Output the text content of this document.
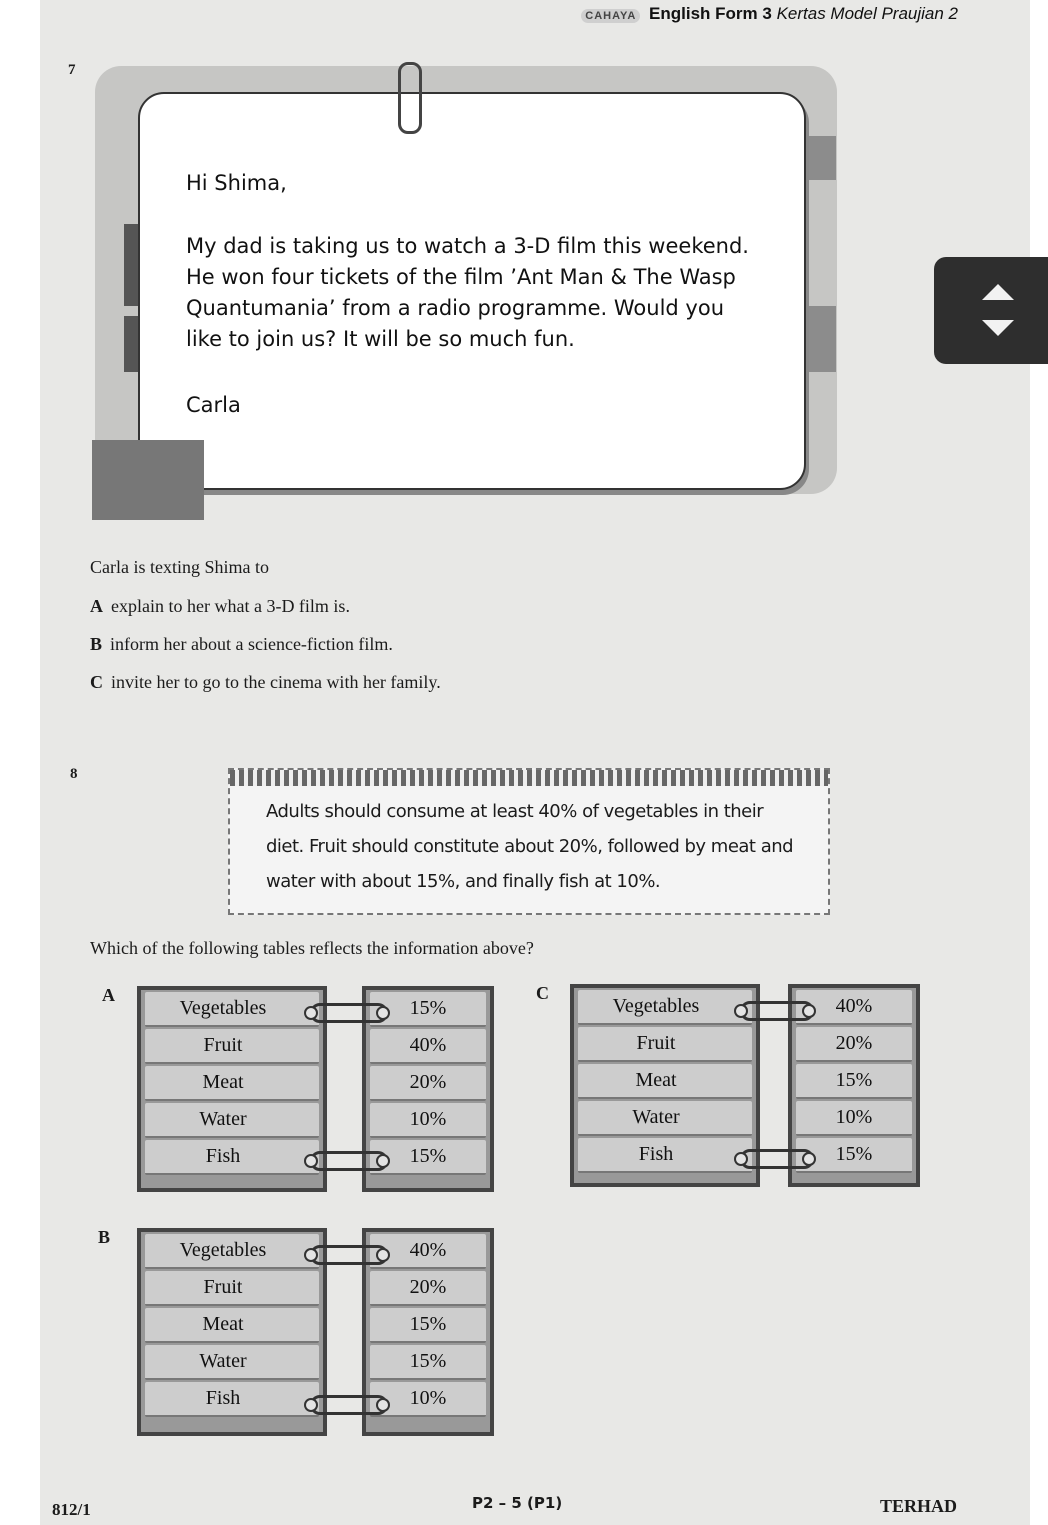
CAHAYA English Form 3 Kertas Model Praujian 2
7
Hi Shima,
My dad is taking us to watch a 3-D film this weekend.
He won four tickets of the film ’Ant Man & The Wasp
Quantumania’ from a radio programme. Would you
like to join us? It will be so much fun.
Carla
Carla is texting Shima to
A explain to her what a 3-D film is.
B inform her about a science-fiction film.
C invite her to go to the cinema with her family.
8
Adults should consume at least 40% of vegetables in their
diet. Fruit should constitute about 20%, followed by meat and
water with about 15%, and finally fish at 10%.
Which of the following tables reflects the information above?
A
Vegetables
Fruit
Meat
Water
Fish
15%
40%
20%
10%
15%
C
Vegetables
Fruit
Meat
Water
Fish
40%
20%
15%
10%
15%
B
Vegetables
Fruit
Meat
Water
Fish
40%
20%
15%
15%
10%
812/1	P2 – 5 (P1)	TERHAD
